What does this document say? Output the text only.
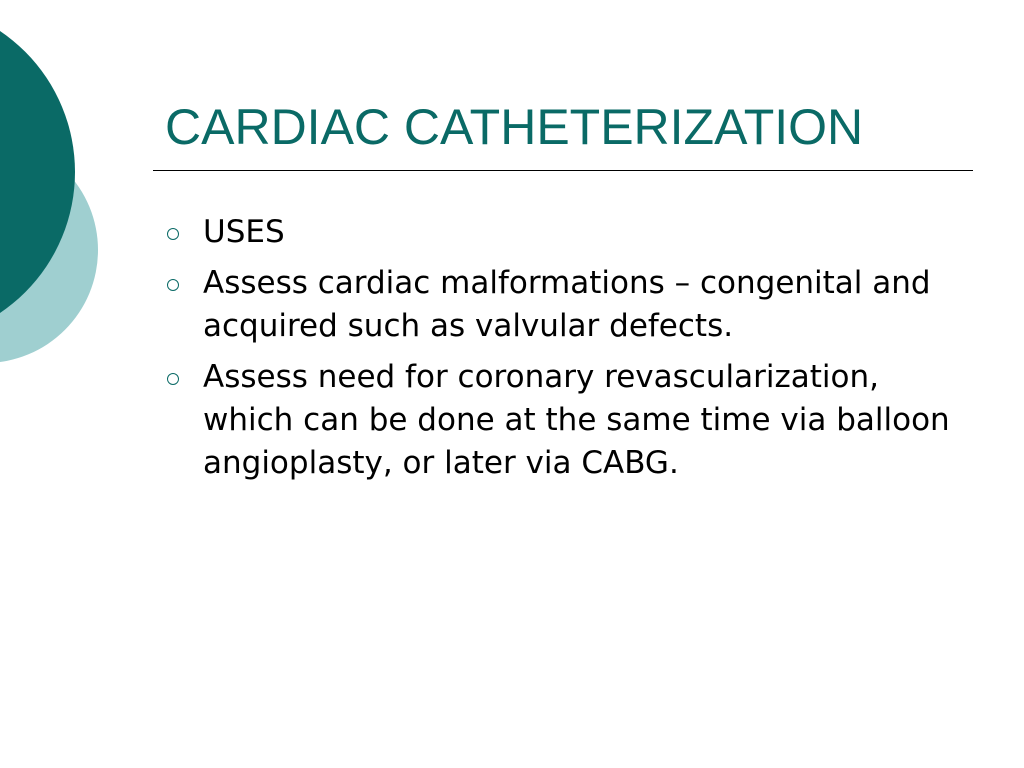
CARDIAC CATHETERIZATION
USES
Assess cardiac malformations – congenital and acquired such as valvular defects.
Assess need for coronary revascularization, which can be done at the same time via balloon angioplasty, or later via CABG.
